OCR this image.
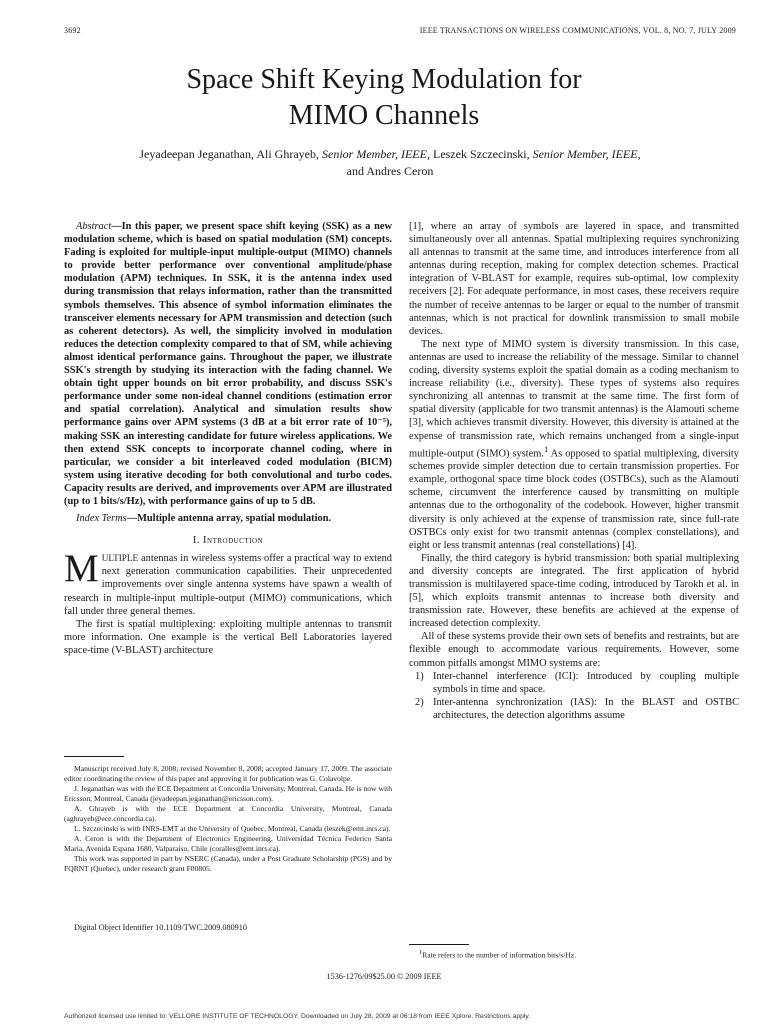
3692	IEEE TRANSACTIONS ON WIRELESS COMMUNICATIONS, VOL. 8, NO. 7, JULY 2009
Space Shift Keying Modulation for
MIMO Channels
Jeyadeepan Jeganathan, Ali Ghrayeb, Senior Member, IEEE, Leszek Szczecinski, Senior Member, IEEE,
and Andres Ceron

Abstract—In this paper, we present space shift keying (SSK) as a new modulation scheme, which is based on spatial modulation (SM) concepts. Fading is exploited for multiple-input multiple-output (MIMO) channels to provide better performance over conventional amplitude/phase modulation (APM) techniques. In SSK, it is the antenna index used during transmission that relays information, rather than the transmitted symbols themselves. This absence of symbol information eliminates the transceiver elements necessary for APM transmission and detection (such as coherent detectors). As well, the simplicity involved in modulation reduces the detection complexity compared to that of SM, while achieving almost identical performance gains. Throughout the paper, we illustrate SSK's strength by studying its interaction with the fading channel. We obtain tight upper bounds on bit error probability, and discuss SSK's performance under some non-ideal channel conditions (estimation error and spatial correlation). Analytical and simulation results show performance gains over APM systems (3 dB at a bit error rate of 10⁻⁵), making SSK an interesting candidate for future wireless applications. We then extend SSK concepts to incorporate channel coding, where in particular, we consider a bit interleaved coded modulation (BICM) system using iterative decoding for both convolutional and turbo codes. Capacity results are derived, and improvements over APM are illustrated (up to 1 bits/s/Hz), with performance gains of up to 5 dB.

Index Terms—Multiple antenna array, spatial modulation.

I. Introduction

MULTIPLE antennas in wireless systems offer a practical way to extend next generation communication capabilities. Their unprecedented improvements over single antenna systems have spawn a wealth of research in multiple-input multiple-output (MIMO) communications, which fall under three general themes.

The first is spatial multiplexing: exploiting multiple antennas to transmit more information. One example is the vertical Bell Laboratories layered space-time (V-BLAST) architecture

[1], where an array of symbols are layered in space, and transmitted simultaneously over all antennas. Spatial multiplexing requires synchronizing all antennas to transmit at the same time, and introduces interference from all antennas during reception, making for complex detection schemes. Practical integration of V-BLAST for example, requires sub-optimal, low complexity receivers [2]. For adequate performance, in most cases, these receivers require the number of receive antennas to be larger or equal to the number of transmit antennas, which is not practical for downlink transmission to small mobile devices.

The next type of MIMO system is diversity transmission. In this case, antennas are used to increase the reliability of the message. Similar to channel coding, diversity systems exploit the spatial domain as a coding mechanism to increase reliability (i.e., diversity). These types of systems also requires synchronizing all antennas to transmit at the same time. The first form of spatial diversity (applicable for two transmit antennas) is the Alamouti scheme [3], which achieves transmit diversity. However, this diversity is attained at the expense of transmission rate, which remains unchanged from a single-input multiple-output (SIMO) system.$^1$ As opposed to spatial multiplexing, diversity schemes provide simpler detection due to certain transmission properties. For example, orthogonal space time block codes (OSTBCs), such as the Alamouti scheme, circumvent the interference caused by transmitting on multiple antennas due to the orthogonality of the codebook. However, higher transmit diversity is only achieved at the expense of transmission rate, since full-rate OSTBCs only exist for two transmit antennas (complex constellations), and eight or less transmit antennas (real constellations) [4].

Finally, the third category is hybrid transmission: both spatial multiplexing and diversity concepts are integrated. The first application of hybrid transmission is multilayered space-time coding, introduced by Tarokh et al. in [5], which exploits transmit antennas to increase both diversity and transmission rate. However, these benefits are achieved at the expense of increased detection complexity.

All of these systems provide their own sets of benefits and restraints, but are flexible enough to accommodate various requirements. However, some common pitfalls amongst MIMO systems are:

1) Inter-channel interference (ICI): Introduced by coupling multiple symbols in time and space.
2) Inter-antenna synchronization (IAS): In the BLAST and OSTBC architectures, the detection algorithms assume

Manuscript received July 8, 2008; revised November 8, 2008; accepted January 17, 2009. The associate editor coordinating the review of this paper and approving it for publication was G. Colavolpe.

J. Jeganathan was with the ECE Department at Concordia University, Montreal, Canada. He is now with Ericsson, Montreal, Canada (jeyadeepan.jeganathan@ericsson.com).

A. Ghrayeb is with the ECE Department at Concordia University, Montreal, Canada (aghrayeb@ece.concordia.ca).

L. Szczecinski is with INRS-EMT at the University of Quebec, Montreal, Canada (leszek@emt.inrs.ca).

A. Ceron is with the Department of Electronics Engineering, Universidad Técnica Federico Santa María, Avenida Espana 1680, Valparaíso, Chile (coralles@emt.inrs.ca).

This work was supported in part by NSERC (Canada), under a Post Graduate Scholarship (PGS) and by FQRNT (Quebec), under research grant F00805.

Digital Object Identifier 10.1109/TWC.2009.080910
$^1$Rate refers to the number of information bits/s/Hz.
1536-1276/09$25.00 © 2009 IEEE
Authorized licensed use limited to: VELLORE INSTITUTE OF TECHNOLOGY. Downloaded on July 28, 2009 at 06:18 from IEEE Xplore. Restrictions apply.
